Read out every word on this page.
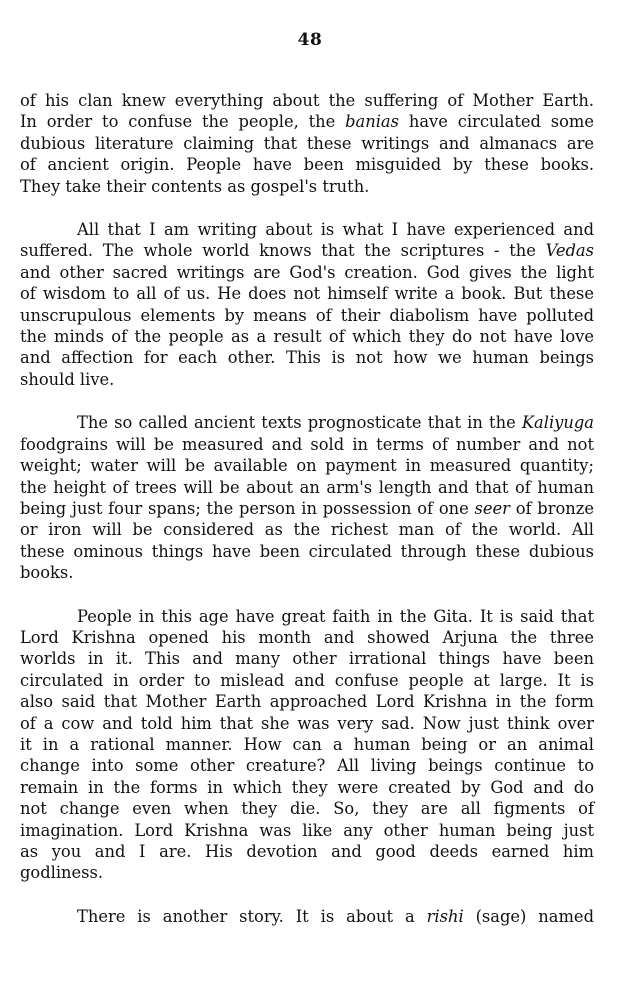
48

of his clan knew everything about the suffering of Mother Earth.
In order to confuse the people, the banias have circulated some
dubious literature claiming that these writings and almanacs are
of ancient origin. People have been misguided by these books.
They take their contents as gospel's truth.

All that I am writing about is what I have experienced and
suffered. The whole world knows that the scriptures - the Vedas
and other sacred writings are God's creation. God gives the light
of wisdom to all of us. He does not himself write a book. But these
unscrupulous elements by means of their diabolism have polluted
the minds of the people as a result of which they do not have love
and affection for each other. This is not how we human beings
should live.

The so called ancient texts prognosticate that in the Kaliyuga
foodgrains will be measured and sold in terms of number and not
weight; water will be available on payment in measured quantity;
the height of trees will be about an arm's length and that of human
being just four spans; the person in possession of one seer of bronze
or iron will be considered as the richest man of the world. All
these ominous things have been circulated through these dubious
books.

People in this age have great faith in the Gita. It is said that
Lord Krishna opened his month and showed Arjuna the three
worlds in it. This and many other irrational things have been
circulated in order to mislead and confuse people at large. It is
also said that Mother Earth approached Lord Krishna in the form
of a cow and told him that she was very sad. Now just think over
it in a rational manner. How can a human being or an animal
change into some other creature? All living beings continue to
remain in the forms in which they were created by God and do
not change even when they die. So, they are all figments of
imagination. Lord Krishna was like any other human being just
as you and I are. His devotion and good deeds earned him
godliness.

There is another story. It is about a rishi (sage) named
